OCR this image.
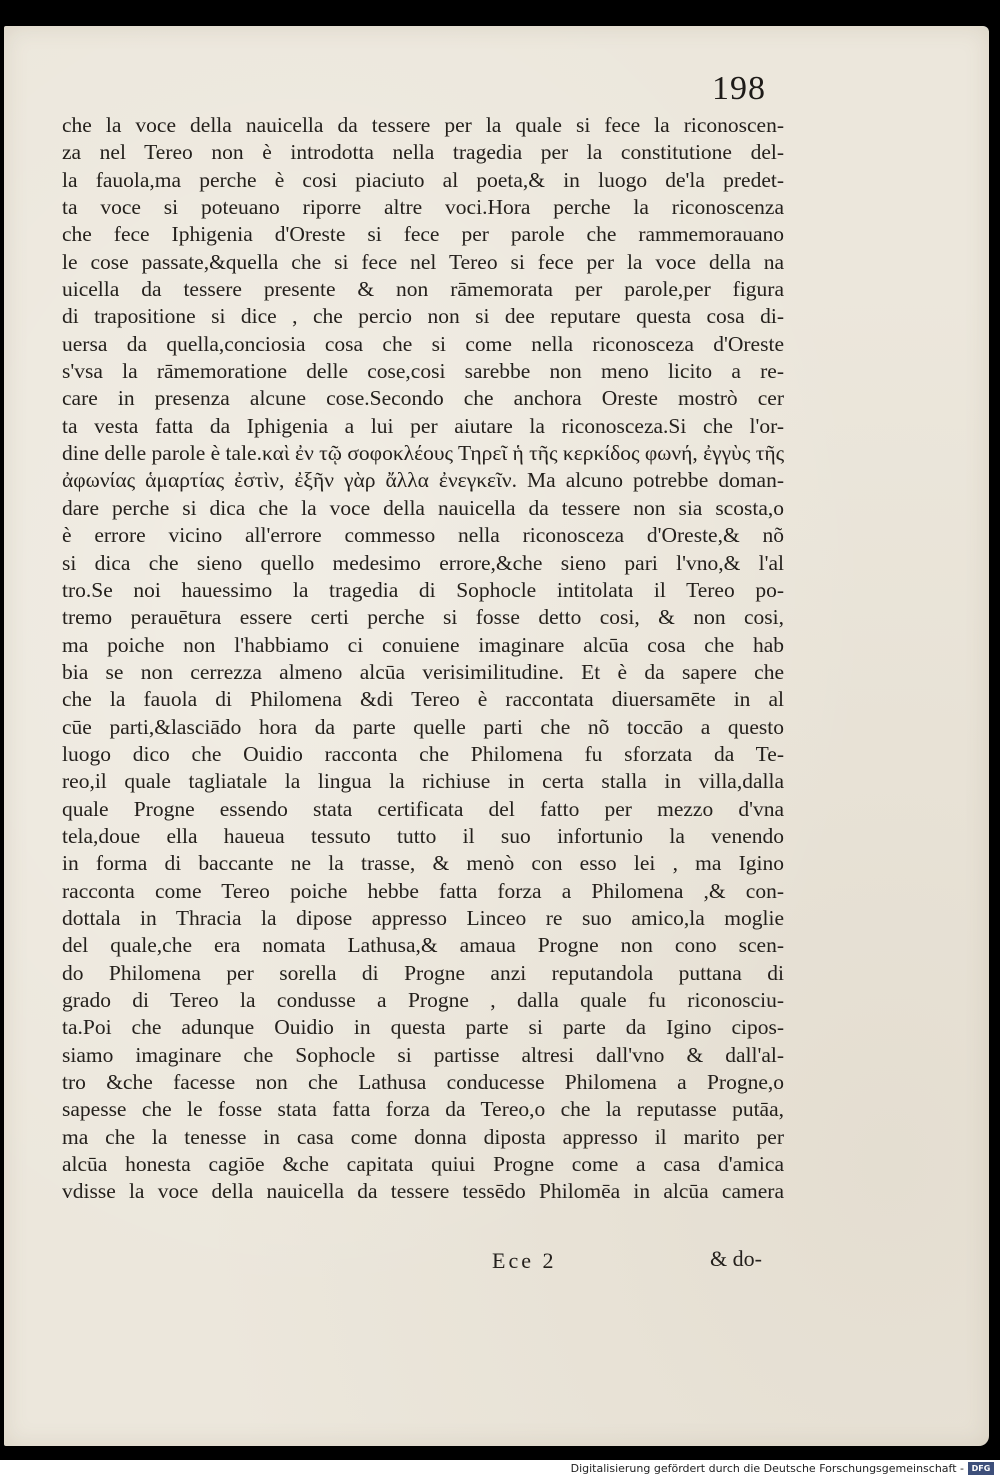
198
che la voce della nauicella da tessere per la quale si fece la riconoscen-
za nel Tereo non è introdotta nella tragedia per la constitutione del-
la fauola,ma perche è cosi piaciuto al poeta,& in luogo de'la predet-
ta voce si poteuano riporre altre voci.Hora perche la riconoscenza
che fece Iphigenia d'Oreste si fece per parole che rammemorauano
le cose passate,&quella che si fece nel Tereo si fece per la voce della na
uicella da tessere presente & non rāmemorata per parole,per figura
di trapositione si dice , che percio non si dee reputare questa cosa di-
uersa da quella,conciosia cosa che si come nella riconosceza d'Oreste
s'vsa la rāmemoratione delle cose,cosi sarebbe non meno licito a re-
care in presenza alcune cose.Secondo che anchora Oreste mostrò cer
ta vesta fatta da Iphigenia a lui per aiutare la riconosceza.Si che l'or-
dine delle parole è tale.καὶ ἐν τῷ σοφοκλέους Τηρεῖ ἡ τῆς κερκίδος φωνή, ἐγγὺς τῆς
ἀφωνίας ἁμαρτίας ἐστὶν, ἐξῆν γὰρ ἄλλα ἐνεγκεῖν. Ma alcuno potrebbe doman-
dare perche si dica che la voce della nauicella da tessere non sia scosta,o
è errore vicino all'errore commesso nella riconosceza d'Oreste,& nõ
si dica che sieno quello medesimo errore,&che sieno pari l'vno,& l'al
tro.Se noi hauessimo la tragedia di Sophocle intitolata il Tereo po-
tremo perauētura essere certi perche si fosse detto cosi, & non cosi,
ma poiche non l'habbiamo ci conuiene imaginare alcūa cosa che hab
bia se non cerrezza almeno alcūa verisimilitudine. Et è da sapere che
che la fauola di Philomena &di Tereo è raccontata diuersamēte in al
cūe parti,&lasciādo hora da parte quelle parti che nõ toccāo a questo
luogo dico che Ouidio racconta che Philomena fu sforzata da Te-
reo,il quale tagliatale la lingua la richiuse in certa stalla in villa,dalla
quale Progne essendo stata certificata del fatto per mezzo d'vna
tela,doue ella haueua tessuto tutto il suo infortunio la venendo
in forma di baccante ne la trasse, & menò con esso lei , ma Igino
racconta come Tereo poiche hebbe fatta forza a Philomena ,& con-
dottala in Thracia la dipose appresso Linceo re suo amico,la moglie
del quale,che era nomata Lathusa,& amaua Progne non cono scen-
do Philomena per sorella di Progne anzi reputandola puttana di
grado di Tereo la condusse a Progne , dalla quale fu riconosciu-
ta.Poi che adunque Ouidio in questa parte si parte da Igino cipos-
siamo imaginare che Sophocle si partisse altresi dall'vno & dall'al-
tro &che facesse non che Lathusa conducesse Philomena a Progne,o
sapesse che le fosse stata fatta forza da Tereo,o che la reputasse putāa,
ma che la tenesse in casa come donna diposta appresso il marito per
alcūa honesta cagiōe &che capitata quiui Progne come a casa d'amica
vdisse la voce della nauicella da tessere tessēdo Philomēa in alcūa camera
Ece 2	& do-
Digitalisierung gefördert durch die Deutsche Forschungsgemeinschaft - DFG
